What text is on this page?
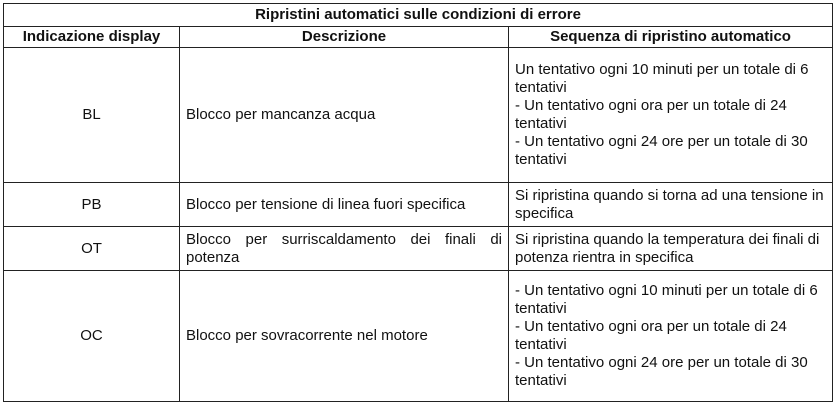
Ripristini automatici sulle condizioni di errore		
Indicazione display	Descrizione	Sequenza di ripristino automatico
BL	Blocco per mancanza acqua	Un tentativo ogni 10 minuti per un totale di 6 tentativi

- Un tentativo ogni ora per un totale di 24 tentativi

- Un tentativo ogni 24 ore per un totale di 30 tentativi

PB	Blocco per tensione di linea fuori specifica	Si ripristina quando si torna ad una tensione in specifica

OT	Blocco per surriscaldamento dei finali di potenza	Si ripristina quando la temperatura dei finali di potenza rientra in specifica

OC	Blocco per sovracorrente nel motore	- Un tentativo ogni 10 minuti per un totale di 6 tentativi

- Un tentativo ogni ora per un totale di 24 tentativi

- Un tentativo ogni 24 ore per un totale di 30 tentativi
